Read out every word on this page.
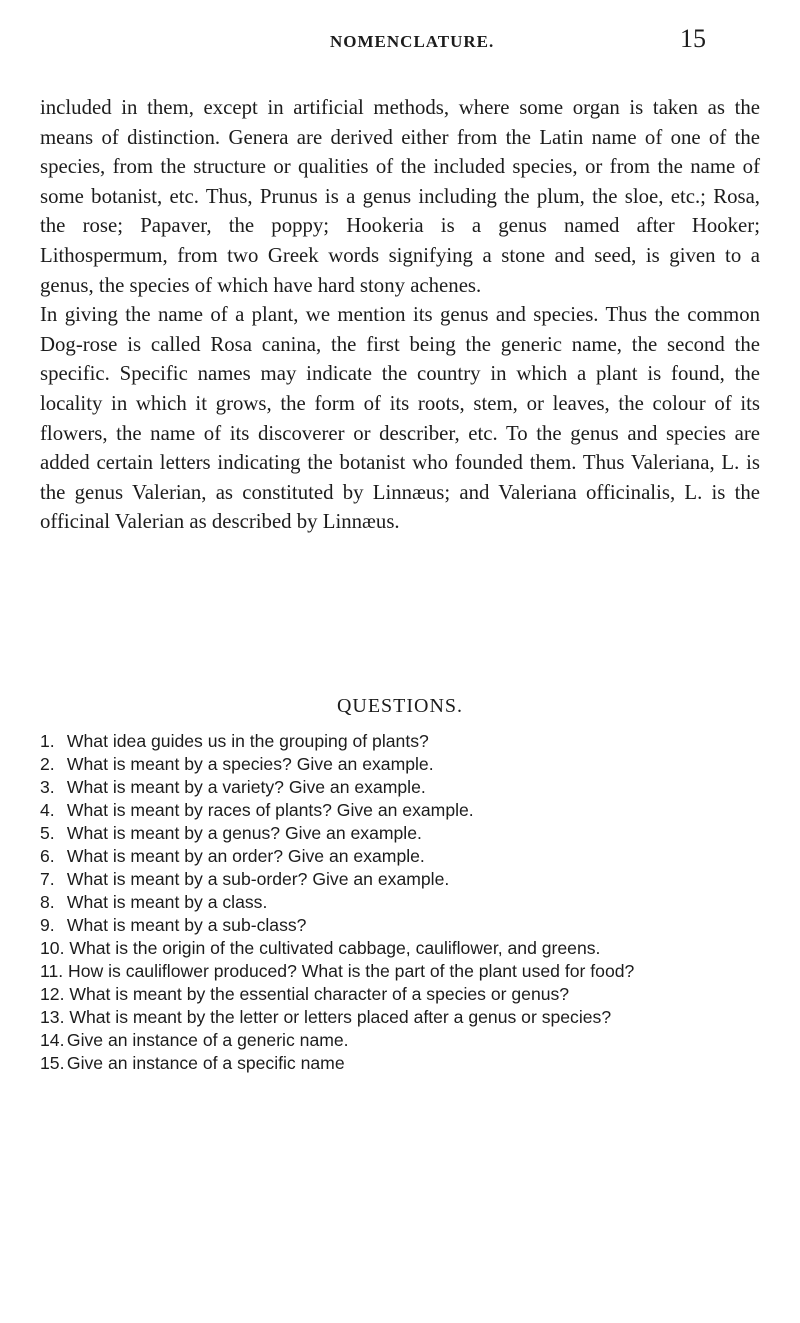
NOMENCLATURE.	15

included in them, except in artificial methods, where some organ is taken as the means of distinction. Genera are derived either from the Latin name of one of the species, from the structure or qualities of the included species, or from the name of some botanist, etc. Thus, Prunus is a genus including the plum, the sloe, etc.; Rosa, the rose; Papaver, the poppy; Hookeria is a genus named after Hooker; Lithospermum, from two Greek words signifying a stone and seed, is given to a genus, the species of which have hard stony achenes.

In giving the name of a plant, we mention its genus and species. Thus the common Dog-rose is called Rosa canina, the first being the generic name, the second the specific. Specific names may indicate the country in which a plant is found, the locality in which it grows, the form of its roots, stem, or leaves, the colour of its flowers, the name of its discoverer or describer, etc. To the genus and species are added certain letters indicating the botanist who founded them. Thus Valeriana, L. is the genus Valerian, as constituted by Linnæus; and Valeriana officinalis, L. is the officinal Valerian as described by Linnæus.

QUESTIONS.
1. What idea guides us in the grouping of plants?
2. What is meant by a species? Give an example.
3. What is meant by a variety? Give an example.
4. What is meant by races of plants? Give an example.
5. What is meant by a genus? Give an example.
6. What is meant by an order? Give an example.
7. What is meant by a sub-order? Give an example.
8. What is meant by a class.
9. What is meant by a sub-class?
10. What is the origin of the cultivated cabbage, cauliflower, and greens.
11. How is cauliflower produced? What is the part of the plant used for food?
12. What is meant by the essential character of a species or genus?
13. What is meant by the letter or letters placed after a genus or species?
14. Give an instance of a generic name.
15. Give an instance of a specific name
